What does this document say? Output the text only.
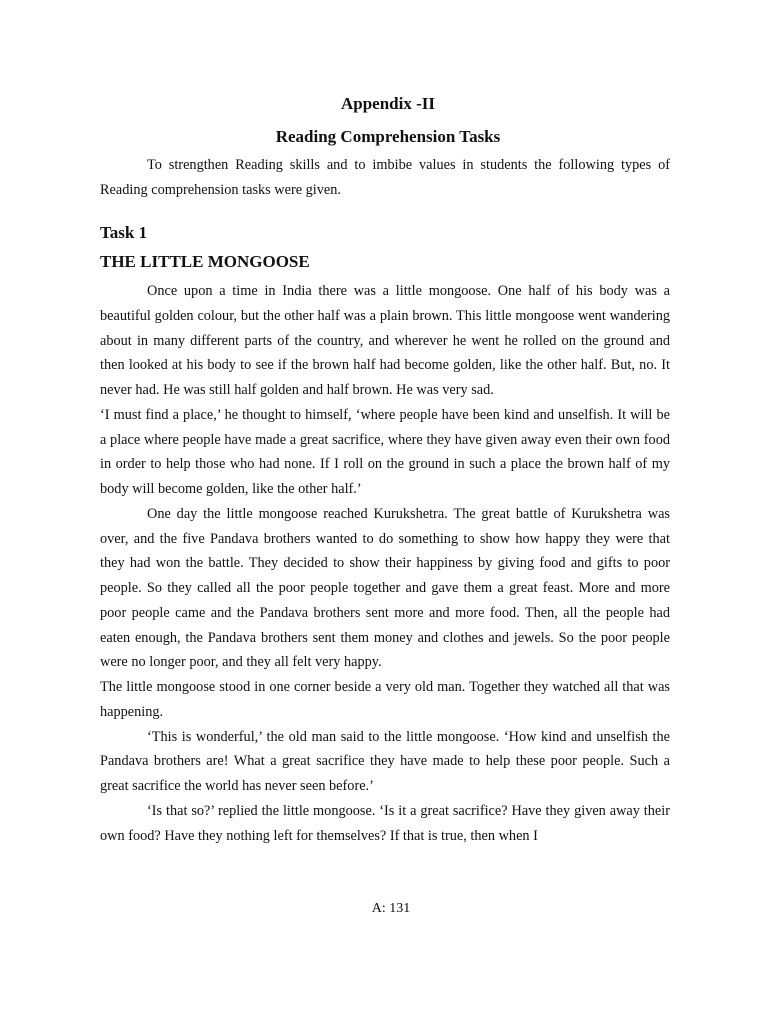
Appendix -II
Reading Comprehension Tasks

To strengthen Reading skills and to imbibe values in students the following types of Reading comprehension tasks were given.

Task 1
THE LITTLE MONGOOSE

Once upon a time in India there was a little mongoose. One half of his body was a beautiful golden colour, but the other half was a plain brown. This little mongoose went wandering about in many different parts of the country, and wherever he went he rolled on the ground and then looked at his body to see if the brown half had become golden, like the other half. But, no. It never had. He was still half golden and half brown. He was very sad.

‘I must find a place,’ he thought to himself, ‘where people have been kind and unselfish. It will be a place where people have made a great sacrifice, where they have given away even their own food in order to help those who had none. If I roll on the ground in such a place the brown half of my body will become golden, like the other half.’

One day the little mongoose reached Kurukshetra. The great battle of Kurukshetra was over, and the five Pandava brothers wanted to do something to show how happy they were that they had won the battle. They decided to show their happiness by giving food and gifts to poor people. So they called all the poor people together and gave them a great feast. More and more poor people came and the Pandava brothers sent more and more food. Then, all the people had eaten enough, the Pandava brothers sent them money and clothes and jewels. So the poor people were no longer poor, and they all felt very happy.

The little mongoose stood in one corner beside a very old man. Together they watched all that was happening.

‘This is wonderful,’ the old man said to the little mongoose. ‘How kind and unselfish the Pandava brothers are! What a great sacrifice they have made to help these poor people. Such a great sacrifice the world has never seen before.’

‘Is that so?’ replied the little mongoose. ‘Is it a great sacrifice? Have they given away their own food? Have they nothing left for themselves? If that is true, then when I

A: 131
